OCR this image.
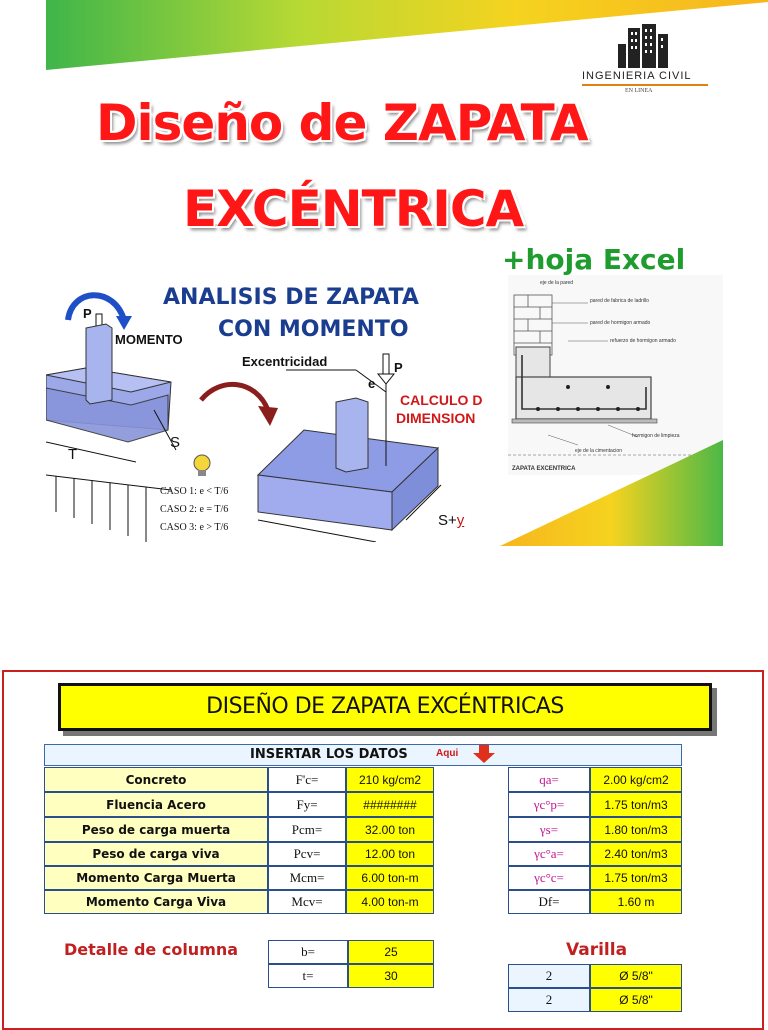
INGENIERIA CIVIL
EN LINEA
Diseño de ZAPATA
EXCÉNTRICA
+hoja Excel
ANALISIS DE ZAPATA
CON MOMENTO
P
MOMENTO
S
T
Excentricidad
e
P
CALCULO D
DIMENSION
S+y
CASO 1: e < T/6
CASO 2: e = T/6
CASO 3: e > T/6
eje de la pared
pared de fabrica de ladrillo
pared de hormigon armado
refuerzo de hormigon armado
hormigon de limpieza
eje de la cimentacion
ZAPATA EXCENTRICA
DISEÑO DE ZAPATA EXCÉNTRICAS
INSERTAR LOS DATOS	Aqui
Concreto	F'c=	210 kg/cm2
Fluencia Acero	Fy=	########
Peso de carga muerta	Pcm=	32.00 ton
Peso de carga viva	Pcv=	12.00 ton
Momento Carga Muerta	Mcm=	6.00 ton-m
Momento Carga Viva	Mcv=	4.00 ton-m
qa=	2.00 kg/cm2
γc°p=	1.75 ton/m3
γs=	1.80 ton/m3
γc°a=	2.40 ton/m3
γc°c=	1.75 ton/m3
Df=	1.60 m
Detalle de columna	b=	25
t=	30
Varilla
2	Ø 5/8"
2	Ø 5/8"
